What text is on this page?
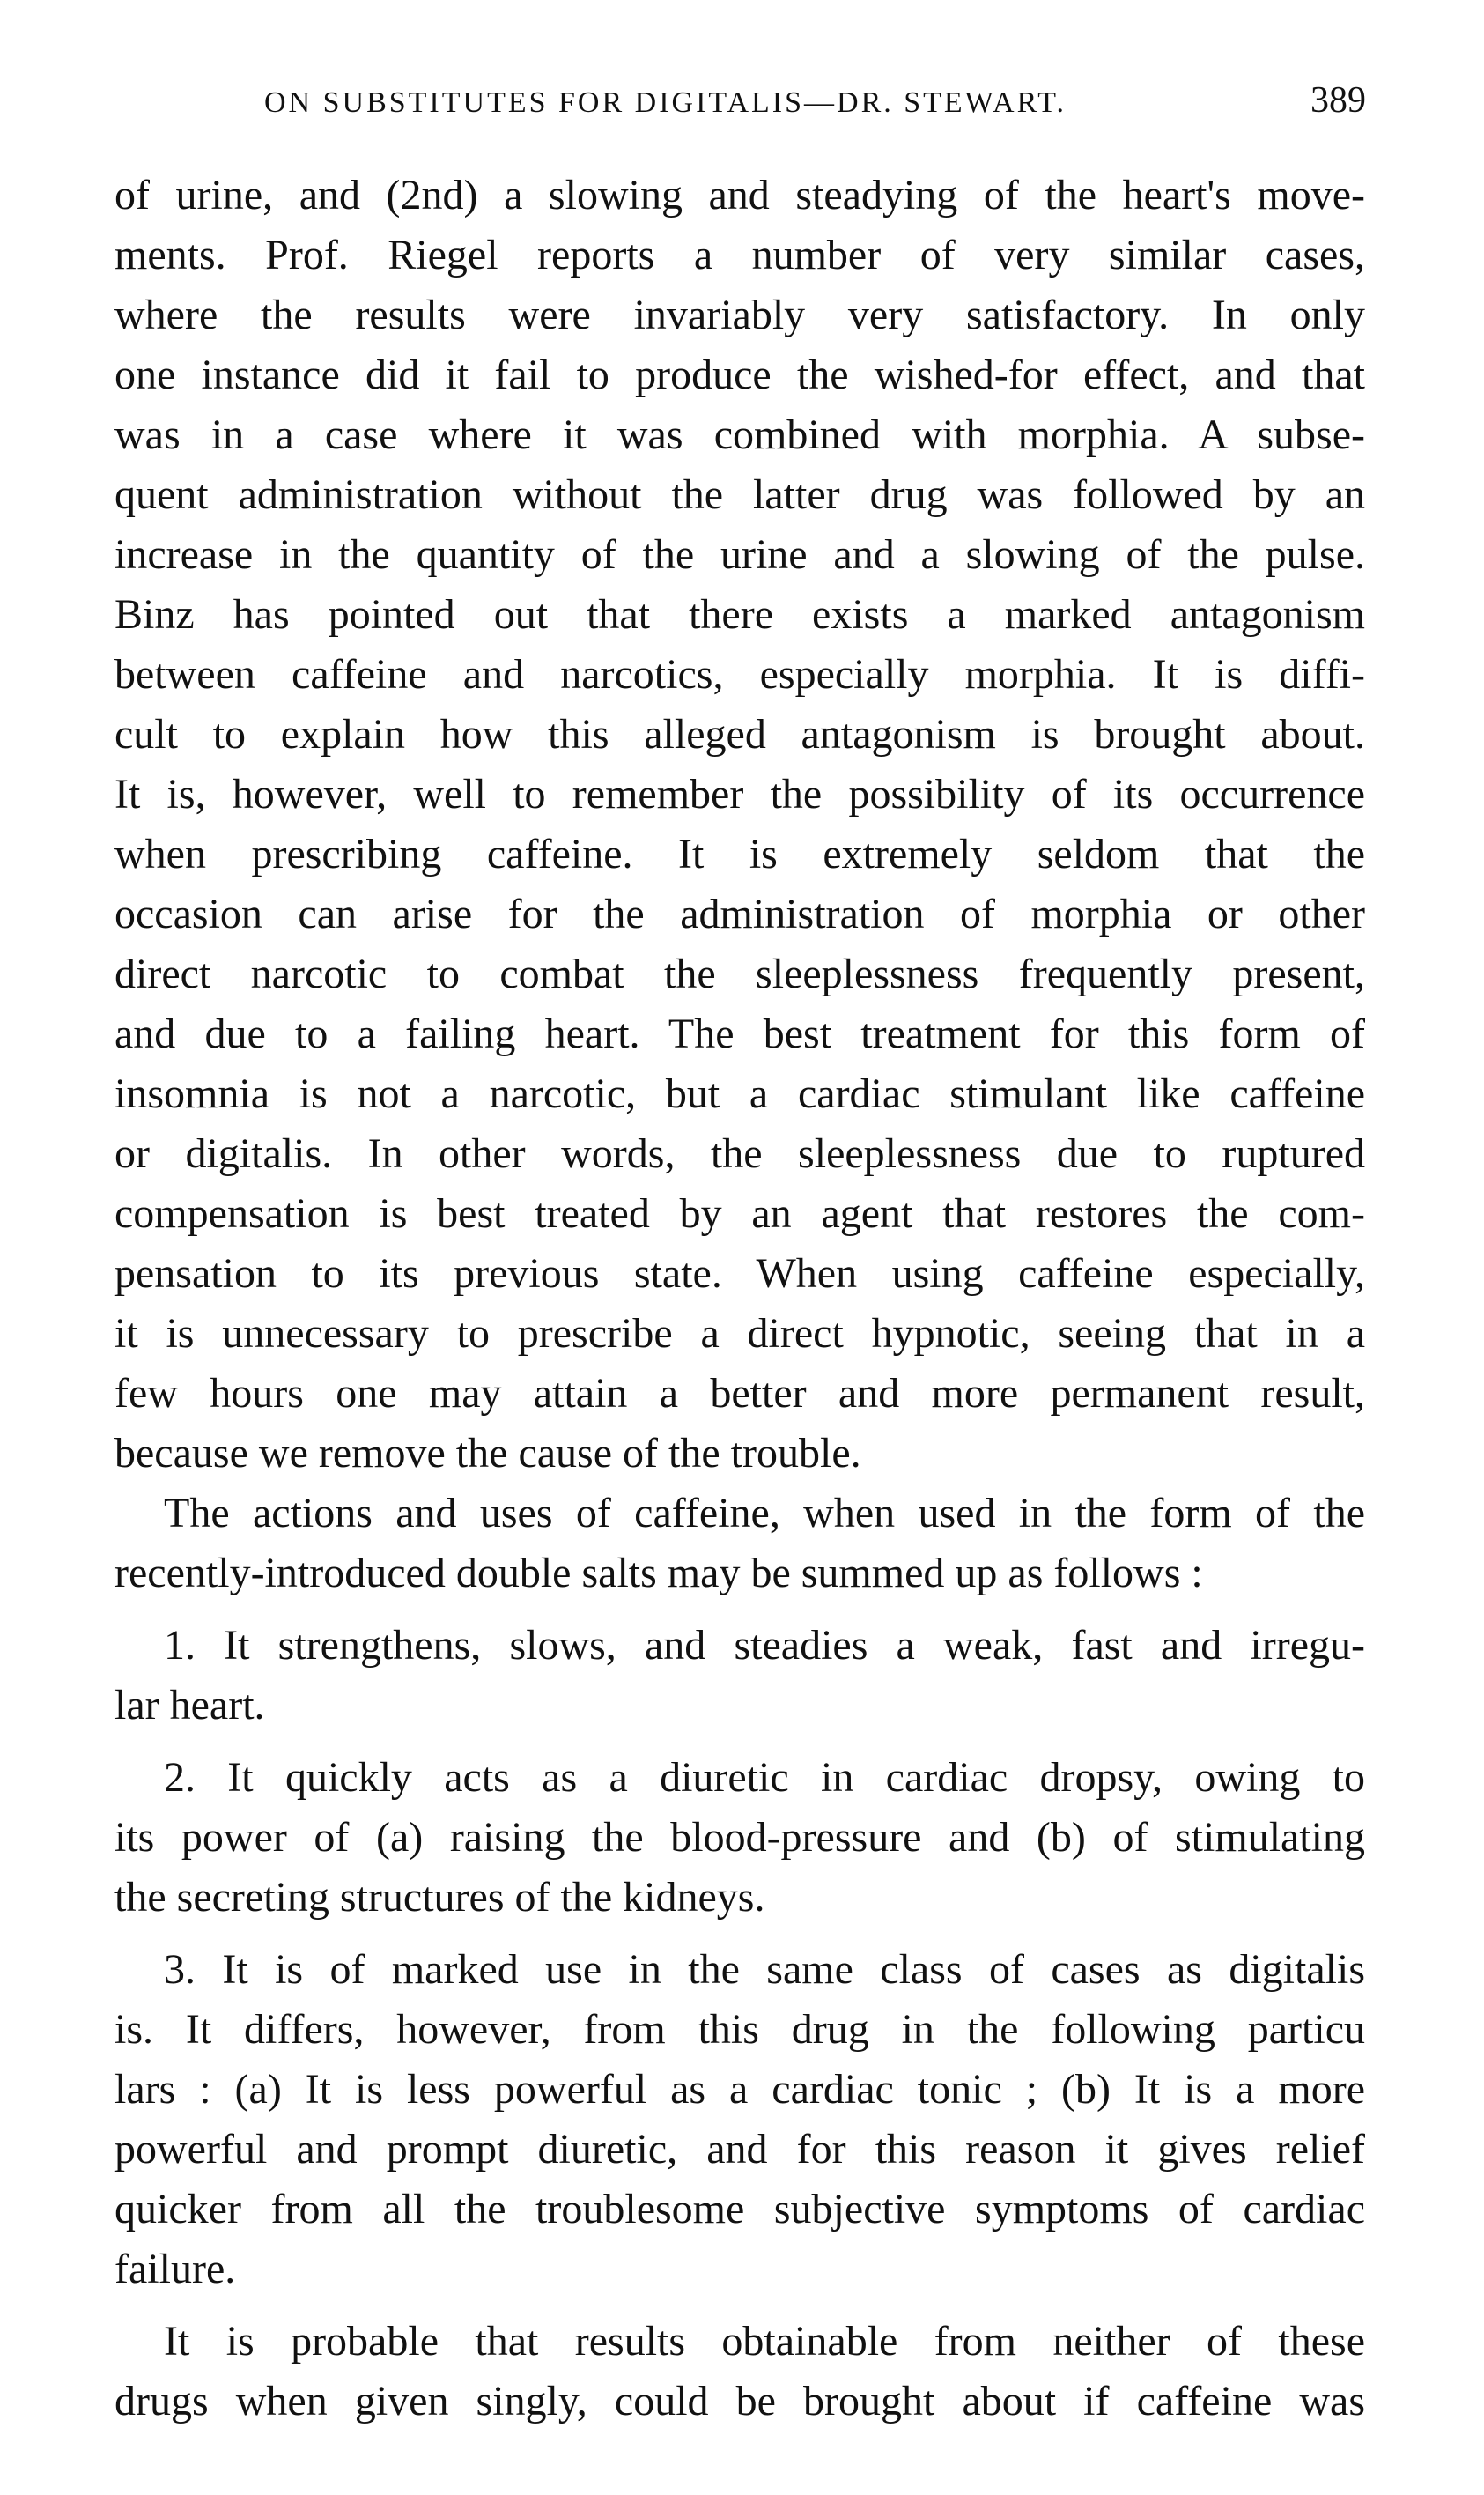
ON SUBSTITUTES FOR DIGITALIS—DR. STEWART.	389
of urine, and (2nd) a slowing and steadying of the heart's move-
ments. Prof. Riegel reports a number of very similar cases,
where the results were invariably very satisfactory. In only
one instance did it fail to produce the wished-for effect, and that
was in a case where it was combined with morphia. A subse-
quent administration without the latter drug was followed by an
increase in the quantity of the urine and a slowing of the pulse.
Binz has pointed out that there exists a marked antagonism
between caffeine and narcotics, especially morphia. It is diffi-
cult to explain how this alleged antagonism is brought about.
It is, however, well to remember the possibility of its occurrence
when prescribing caffeine. It is extremely seldom that the
occasion can arise for the administration of morphia or other
direct narcotic to combat the sleeplessness frequently present,
and due to a failing heart. The best treatment for this form of
insomnia is not a narcotic, but a cardiac stimulant like caffeine
or digitalis. In other words, the sleeplessness due to ruptured
compensation is best treated by an agent that restores the com-
pensation to its previous state. When using caffeine especially,
it is unnecessary to prescribe a direct hypnotic, seeing that in a
few hours one may attain a better and more permanent result,
because we remove the cause of the trouble.
The actions and uses of caffeine, when used in the form of the
recently-introduced double salts may be summed up as follows :
1. It strengthens, slows, and steadies a weak, fast and irregu-
lar heart.
2. It quickly acts as a diuretic in cardiac dropsy, owing to
its power of (a) raising the blood-pressure and (b) of stimulating
the secreting structures of the kidneys.
3. It is of marked use in the same class of cases as digitalis
is. It differs, however, from this drug in the following particu
lars : (a) It is less powerful as a cardiac tonic ; (b) It is a more
powerful and prompt diuretic, and for this reason it gives relief
quicker from all the troublesome subjective symptoms of cardiac
failure.
It is probable that results obtainable from neither of these
drugs when given singly, could be brought about if caffeine was
